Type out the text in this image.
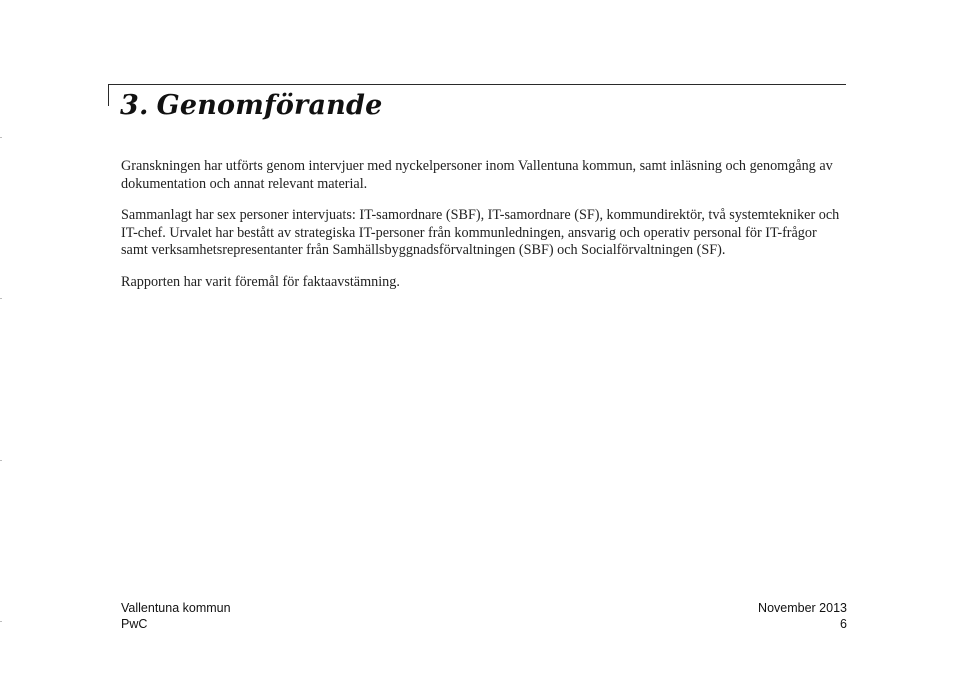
3. Genomförande
Granskningen har utförts genom intervjuer med nyckelpersoner inom Vallentuna kommun, samt inläsning och genomgång av dokumentation och annat relevant material.
Sammanlagt har sex personer intervjuats: IT-samordnare (SBF), IT-samordnare (SF), kommundirektör, två systemtekniker och IT-chef. Urvalet har bestått av strategiska IT-personer från kommunledningen, ansvarig och operativ personal för IT-frågor samt verksamhetsrepresentanter från Samhällsbyggnadsförvaltningen (SBF) och Socialförvaltningen (SF).
Rapporten har varit föremål för faktaavstämning.
Vallentuna kommun
PwC
November 2013
6
